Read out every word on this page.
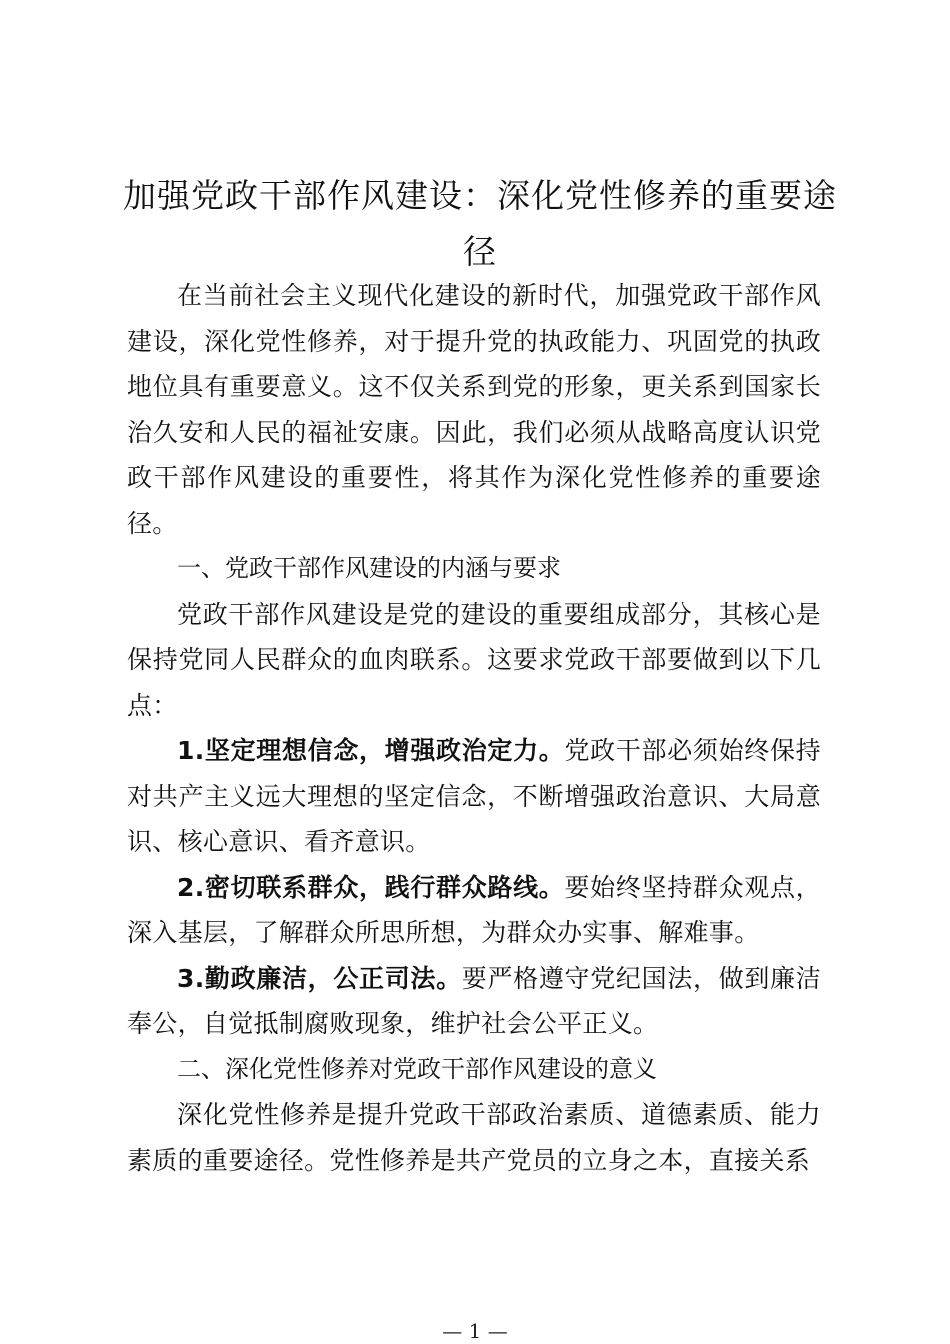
加强党政干部作风建设：深化党性修养的重要途径

在当前社会主义现代化建设的新时代，加强党政干部作风建设，深化党性修养，对于提升党的执政能力、巩固党的执政地位具有重要意义。这不仅关系到党的形象，更关系到国家长治久安和人民的福祉安康。因此，我们必须从战略高度认识党政干部作风建设的重要性，将其作为深化党性修养的重要途径。

一、党政干部作风建设的内涵与要求

党政干部作风建设是党的建设的重要组成部分，其核心是保持党同人民群众的血肉联系。这要求党政干部要做到以下几点：

1.坚定理想信念，增强政治定力。党政干部必须始终保持对共产主义远大理想的坚定信念，不断增强政治意识、大局意识、核心意识、看齐意识。

2.密切联系群众，践行群众路线。要始终坚持群众观点，深入基层，了解群众所思所想，为群众办实事、解难事。

3.勤政廉洁，公正司法。要严格遵守党纪国法，做到廉洁奉公，自觉抵制腐败现象，维护社会公平正义。

二、深化党性修养对党政干部作风建设的意义

深化党性修养是提升党政干部政治素质、道德素质、能力素质的重要途径。党性修养是共产党员的立身之本，直接关系

— 1 —
